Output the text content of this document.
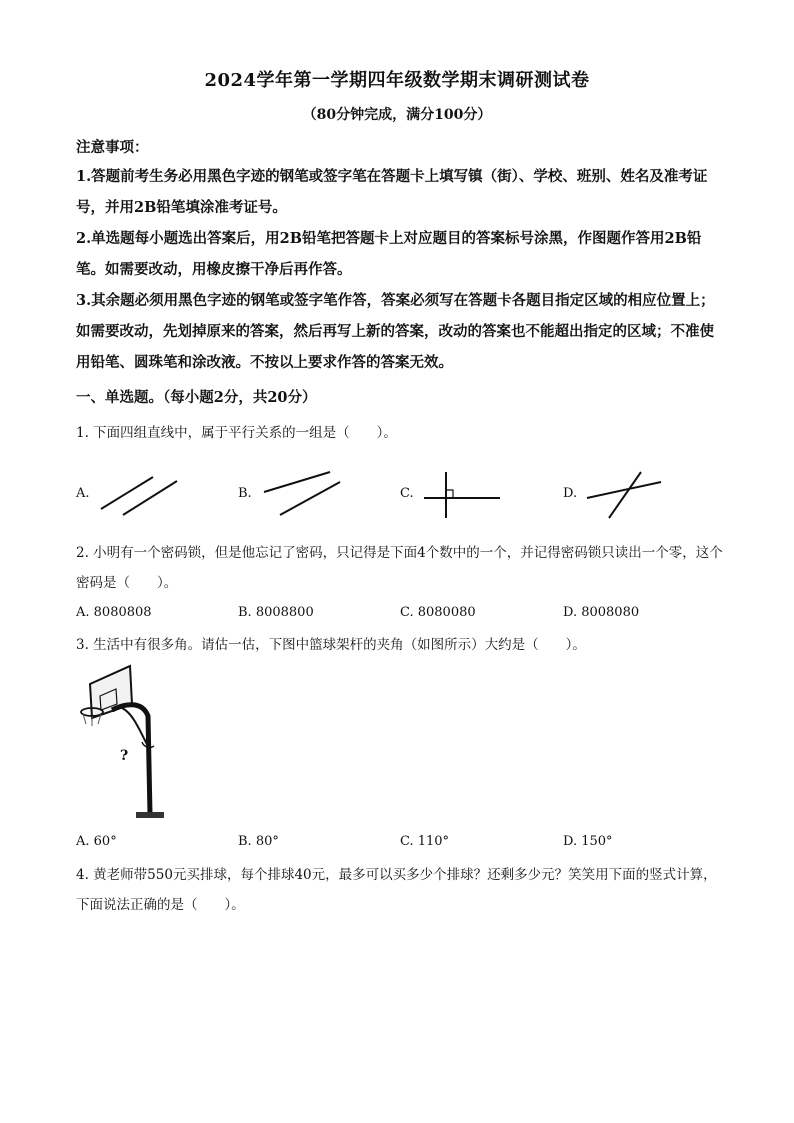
2024学年第一学期四年级数学期末调研测试卷
（80分钟完成，满分100分）
注意事项：
1.答题前考生务必用黑色字迹的钢笔或签字笔在答题卡上填写镇（街）、学校、班别、姓名及准考证号，并用2B铅笔填涂准考证号。
2.单选题每小题选出答案后，用2B铅笔把答题卡上对应题目的答案标号涂黑，作图题作答用2B铅笔。如需要改动，用橡皮擦干净后再作答。
3.其余题必须用黑色字迹的钢笔或签字笔作答，答案必须写在答题卡各题目指定区域的相应位置上；如需要改动，先划掉原来的答案，然后再写上新的答案，改动的答案也不能超出指定的区域；不准使用铅笔、圆珠笔和涂改液。不按以上要求作答的答案无效。
一、单选题。（每小题2分，共20分）
1. 下面四组直线中，属于平行关系的一组是（　　）。
A.	B.	C.	D.
2. 小明有一个密码锁，但是他忘记了密码，只记得是下面4个数中的一个，并记得密码锁只读出一个零，这个密码是（　　）。
A. 8080808	B. 8008800	C. 8080080	D. 8008080
3. 生活中有很多角。请估一估，下图中篮球架杆的夹角（如图所示）大约是（　　）。
?
A. 60°	B. 80°	C. 110°	D. 150°
4. 黄老师带550元买排球，每个排球40元，最多可以买多少个排球？还剩多少元？笑笑用下面的竖式计算，下面说法正确的是（　　）。
